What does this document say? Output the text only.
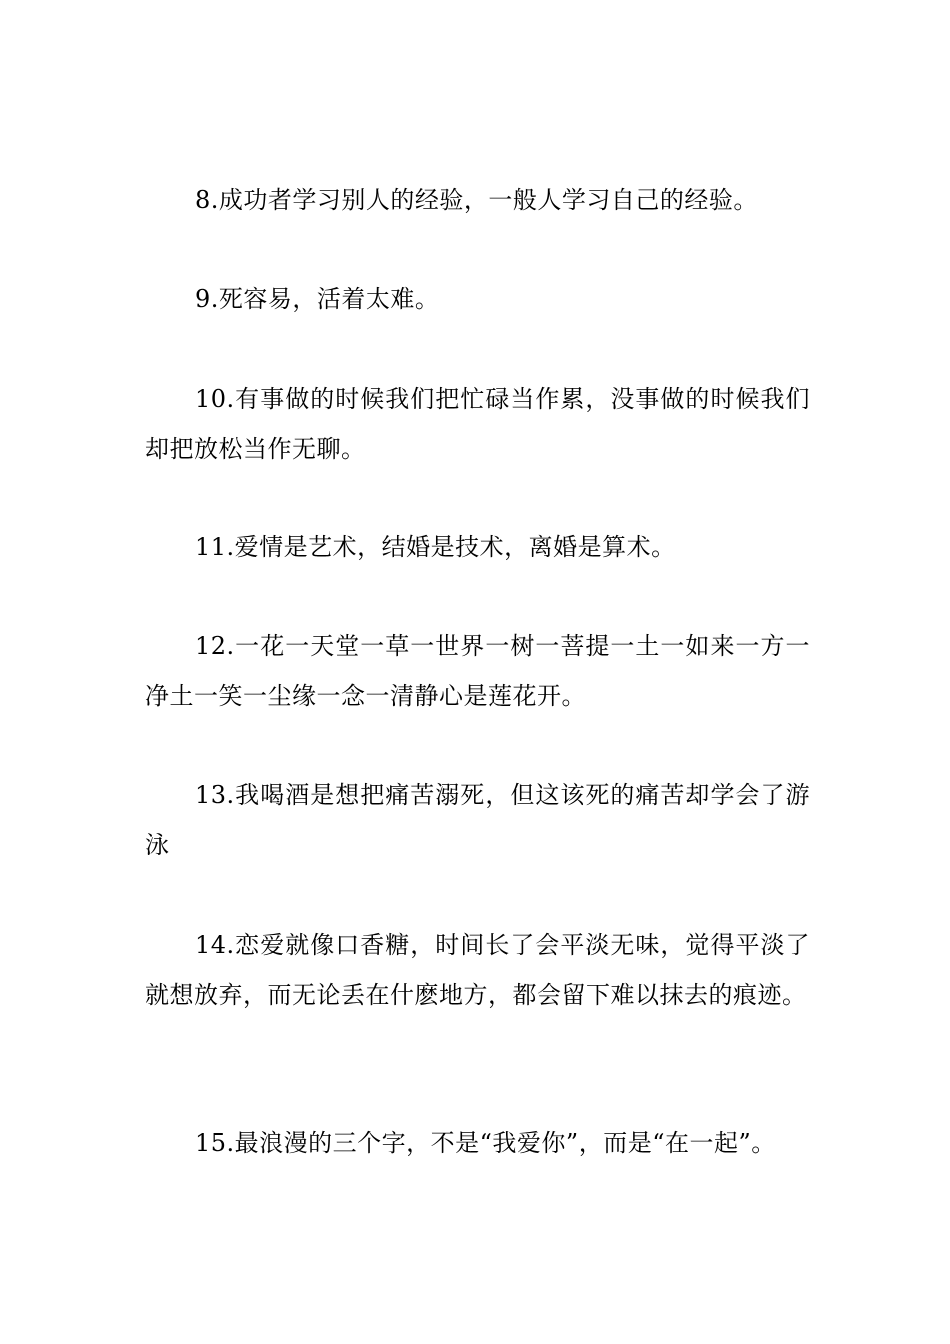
8.成功者学习别人的经验，一般人学习自己的经验。

9.死容易，活着太难。

10.有事做的时候我们把忙碌当作累，没事做的时候我们却把放松当作无聊。

11.爱情是艺术，结婚是技术，离婚是算术。

12.一花一天堂一草一世界一树一菩提一土一如来一方一净土一笑一尘缘一念一清静心是莲花开。

13.我喝酒是想把痛苦溺死，但这该死的痛苦却学会了游泳

14.恋爱就像口香糖，时间长了会平淡无味，觉得平淡了就想放弃，而无论丢在什麽地方，都会留下难以抹去的痕迹。

15.最浪漫的三个字，不是“我爱你”，而是“在一起”。
